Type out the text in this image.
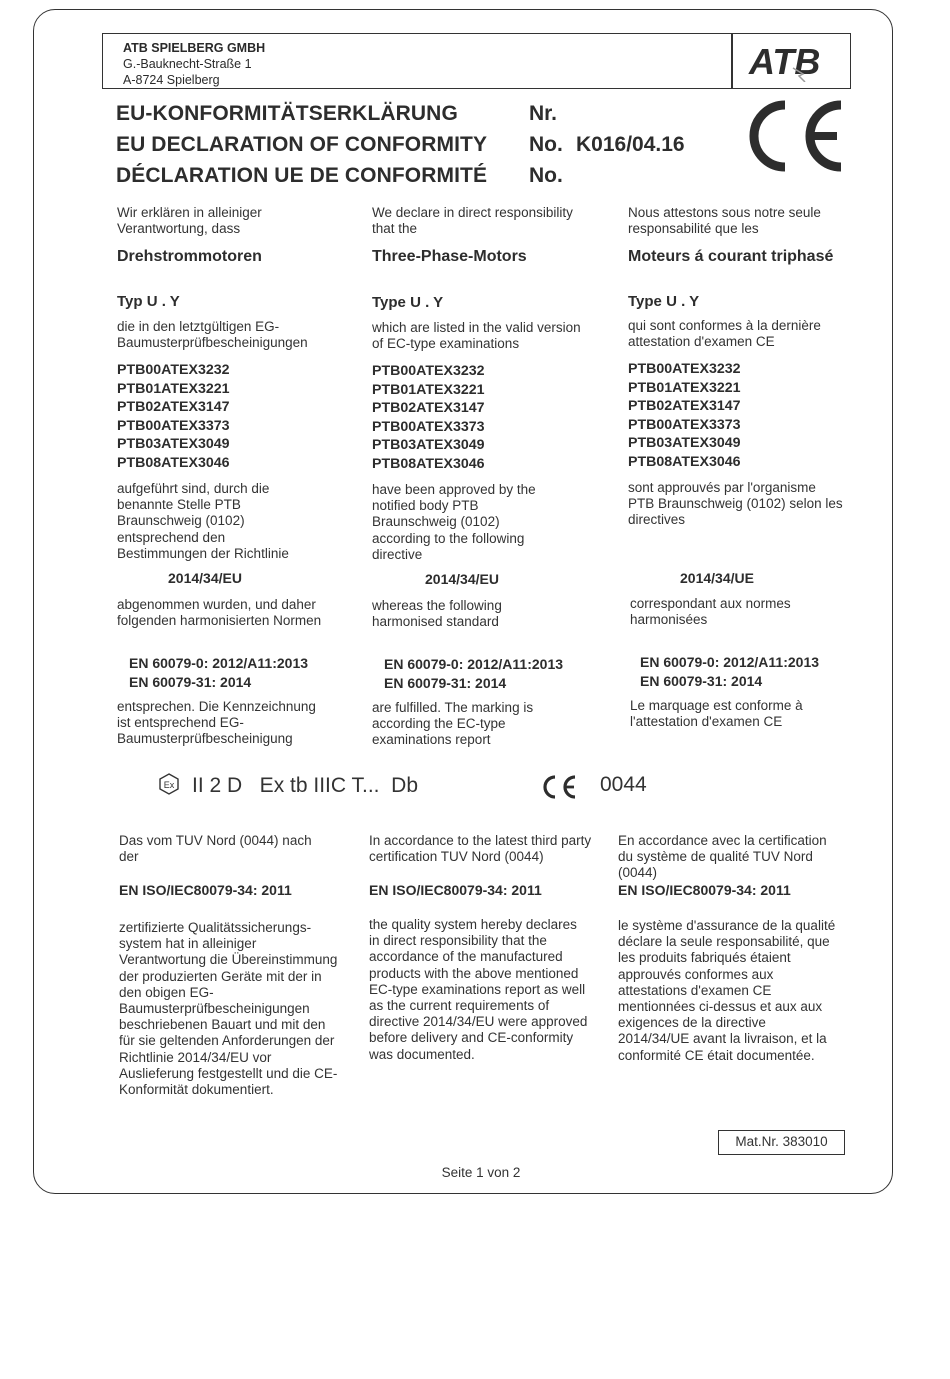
ATB SPIELBERG GMBH
G.-Bauknecht-Straße 1
A-8724 Spielberg	ATB
EU-KONFORMITÄTSERKLÄRUNG
EU DECLARATION OF CONFORMITY
DÉCLARATION UE DE CONFORMITÉ
Nr.
No. K016/04.16
No.
Wir erklären in alleiniger Verantwortung, dass
Drehstrommotoren
Typ U . Y
die in den letztgültigen EG-Baumusterprüfbescheinigungen
PTB00ATEX3232
PTB01ATEX3221
PTB02ATEX3147
PTB00ATEX3373
PTB03ATEX3049
PTB08ATEX3046
aufgeführt sind, durch die benannte Stelle PTB Braunschweig (0102) entsprechend den Bestimmungen der Richtlinie
2014/34/EU
abgenommen wurden, und daher folgenden harmonisierten Normen
EN 60079-0: 2012/A11:2013
EN 60079-31: 2014
entsprechen. Die Kennzeichnung ist entsprechend EG-Baumusterprüfbescheinigung
We declare in direct responsibility that the
Three-Phase-Motors
Type U . Y
which are listed in the valid version of EC-type examinations
PTB00ATEX3232
PTB01ATEX3221
PTB02ATEX3147
PTB00ATEX3373
PTB03ATEX3049
PTB08ATEX3046
have been approved by the notified body PTB Braunschweig (0102) according to the following directive
2014/34/EU
whereas the following harmonised standard
EN 60079-0: 2012/A11:2013
EN 60079-31: 2014
are fulfilled. The marking is according the EC-type examinations report
Nous attestons sous notre seule responsabilité que les
Moteurs á courant triphasé
Type U . Y
qui sont conformes à la dernière attestation d'examen CE
PTB00ATEX3232
PTB01ATEX3221
PTB02ATEX3147
PTB00ATEX3373
PTB03ATEX3049
PTB08ATEX3046
sont approuvés par l'organisme PTB Braunschweig (0102) selon les directives
2014/34/UE
correspondant aux normes harmonisées
EN 60079-0: 2012/A11:2013
EN 60079-31: 2014
Le marquage est conforme à l'attestation d'examen CE
Ex II 2 D   Ex tb IIIC T...  Db	0044
Das vom TUV Nord (0044) nach der
In accordance to the latest third party certification TUV Nord (0044)
En accordance avec la certification du système de qualité TUV Nord (0044)
EN ISO/IEC80079-34: 2011	EN ISO/IEC80079-34: 2011	EN ISO/IEC80079-34: 2011
zertifizierte Qualitätssicherungs-system hat in alleiniger Verantwortung die Übereinstimmung der produzierten Geräte mit der in den obigen EG-Baumusterprüfbescheinigungen beschriebenen Bauart und mit den für sie geltenden Anforderungen der Richtlinie 2014/34/EU vor Auslieferung festgestellt und die CE-Konformität dokumentiert.
the quality system hereby declares in direct responsibility that the accordance of the manufactured products with the above mentioned EC-type examinations report as well as the current requirements of directive 2014/34/EU were approved before delivery and CE-conformity was documented.
le système d'assurance de la qualité déclare la seule responsabilité, que les produits fabriqués étaient approuvés conformes aux attestations d'examen CE mentionnées ci-dessus et aux aux exigences de la directive 2014/34/UE avant la livraison, et la conformité CE était documentée.
Mat.Nr. 383010
Seite 1 von 2
